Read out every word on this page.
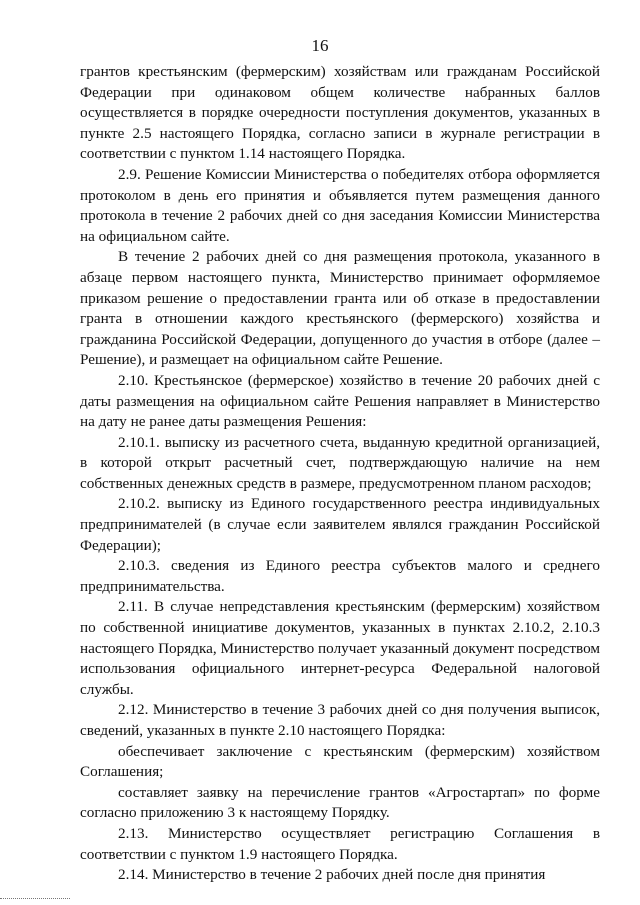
16

грантов крестьянским (фермерским) хозяйствам или гражданам Российской Федерации при одинаковом общем количестве набранных баллов осуществляется в порядке очередности поступления документов, указанных в пункте 2.5 настоящего Порядка, согласно записи в журнале регистрации в соответствии с пунктом 1.14 настоящего Порядка.

2.9. Решение Комиссии Министерства о победителях отбора оформляется протоколом в день его принятия и объявляется путем размещения данного протокола в течение 2 рабочих дней со дня заседания Комиссии Министерства на официальном сайте.

В течение 2 рабочих дней со дня размещения протокола, указанного в абзаце первом настоящего пункта, Министерство принимает оформляемое приказом решение о предоставлении гранта или об отказе в предоставлении гранта в отношении каждого крестьянского (фермерского) хозяйства и гражданина Российской Федерации, допущенного до участия в отборе (далее – Решение), и размещает на официальном сайте Решение.

2.10. Крестьянское (фермерское) хозяйство в течение 20 рабочих дней с даты размещения на официальном сайте Решения направляет в Министерство на дату не ранее даты размещения Решения:

2.10.1. выписку из расчетного счета, выданную кредитной организацией, в которой открыт расчетный счет, подтверждающую наличие на нем собственных денежных средств в размере, предусмотренном планом расходов;

2.10.2. выписку из Единого государственного реестра индивидуальных предпринимателей (в случае если заявителем являлся гражданин Российской Федерации);

2.10.3. сведения из Единого реестра субъектов малого и среднего предпринимательства.

2.11. В случае непредставления крестьянским (фермерским) хозяйством по собственной инициативе документов, указанных в пунктах 2.10.2, 2.10.3 настоящего Порядка, Министерство получает указанный документ посредством использования официального интернет-ресурса Федеральной налоговой службы.

2.12. Министерство в течение 3 рабочих дней со дня получения выписок, сведений, указанных в пункте 2.10 настоящего Порядка:

обеспечивает заключение с крестьянским (фермерским) хозяйством Соглашения;

составляет заявку на перечисление грантов «Агростартап» по форме согласно приложению 3 к настоящему Порядку.

2.13. Министерство осуществляет регистрацию Соглашения в соответствии с пунктом 1.9 настоящего Порядка.

2.14. Министерство в течение 2 рабочих дней после дня принятия
